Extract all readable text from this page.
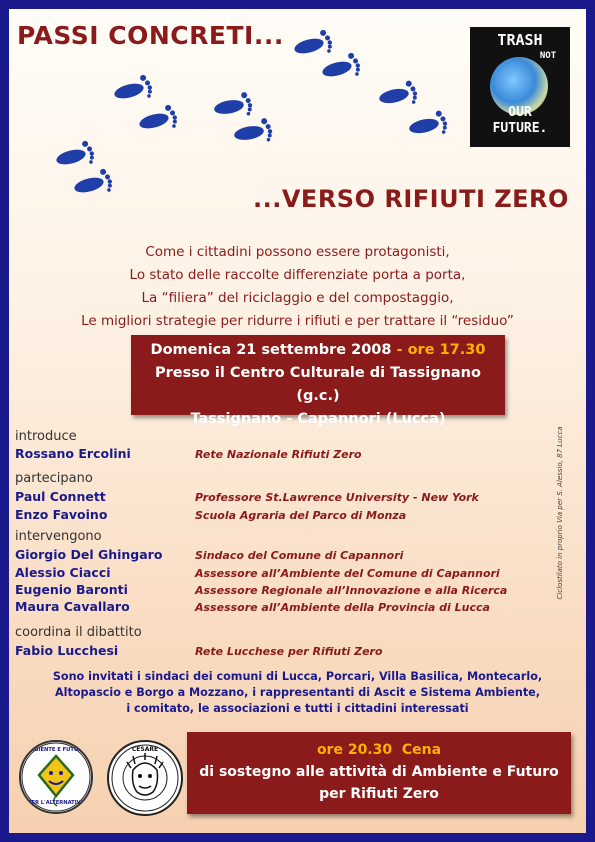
PASSI CONCRETI...	TRASH
NOT
OUR
FUTURE.
...VERSO RIFIUTI ZERO
Come i cittadini possono essere protagonisti,
Lo stato delle raccolte differenziate porta a porta,
La “filiera” del riciclaggio e del compostaggio,
Le migliori strategie per ridurre i rifiuti e per trattare il “residuo”
Domenica 21 settembre 2008 - ore 17.30
Presso il Centro Culturale di Tassignano (g.c.)
Tassignano - Capannori (Lucca)
Ciclostilato in proprio Via per S. Alessio, 87 Lucca
introduce
Rossano Ercolini	Rete Nazionale Rifiuti Zero
partecipano
Paul Connett	Professore St.Lawrence University - New York
Enzo Favoino	Scuola Agraria del Parco di Monza
intervengono
Giorgio Del Ghingaro	Sindaco del Comune di Capannori
Alessio Ciacci	Assessore all’Ambiente del Comune di Capannori
Eugenio Baronti	Assessore Regionale all’Innovazione e alla Ricerca
Maura Cavallaro	Assessore all’Ambiente della Provincia di Lucca
coordina il dibattito
Fabio Lucchesi	Rete Lucchese per Rifiuti Zero
Sono invitati i sindaci dei comuni di Lucca, Porcari, Villa Basilica, Montecarlo,
Altopascio e Borgo a Mozzano, i rappresentanti di Ascit e Sistema Ambiente,
i comitato, le associazioni e tutti i cittadini interessati
AMBIENTE E FUTURO
PER L'ALTERNATIVA
CESARE	ore 20.30 Cena
di sostegno alle attività di Ambiente e Futuro
per Rifiuti Zero
